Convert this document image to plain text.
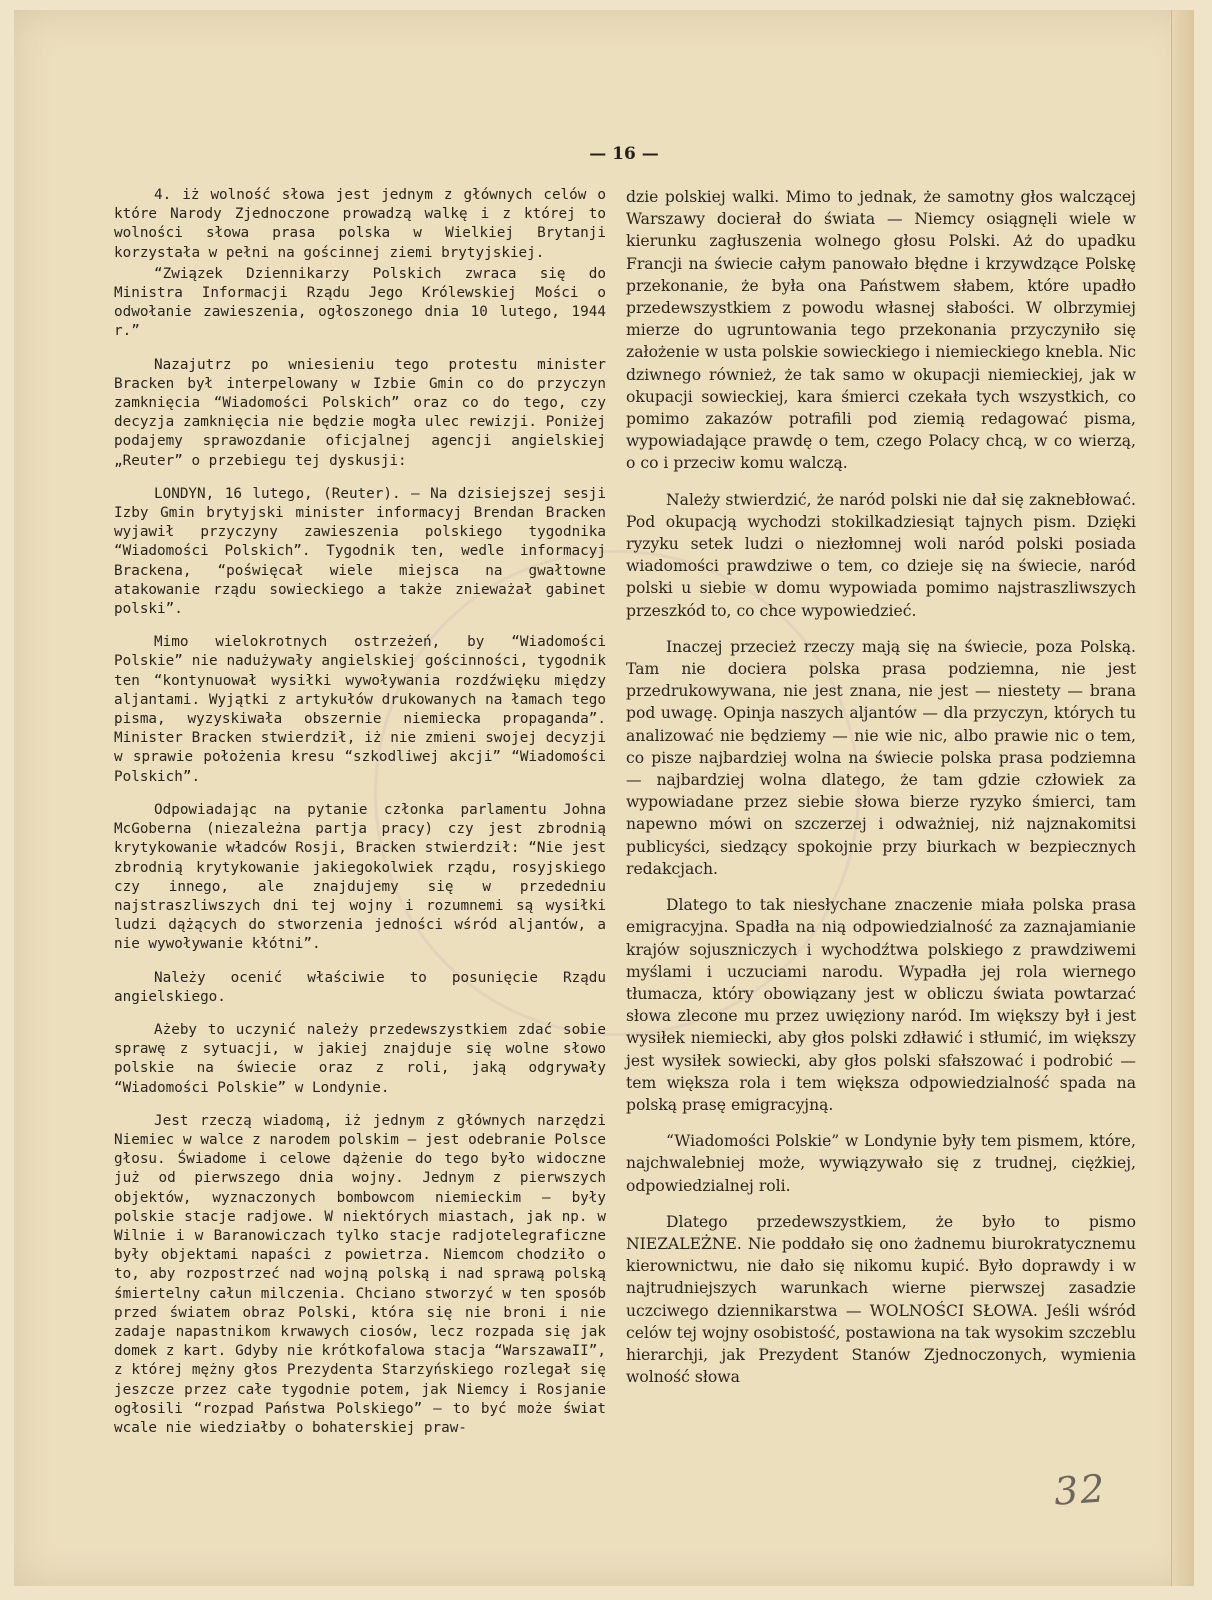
— 16 —

4. iż wolność słowa jest jednym z głównych celów o które Narody Zjednoczone prowadzą walkę i z której to wolności słowa prasa polska w Wielkiej Brytanji korzystała w pełni na gościnnej ziemi brytyjskiej.

“Związek Dziennikarzy Polskich zwraca się do Ministra Informacji Rządu Jego Królewskiej Mości o odwołanie zawieszenia, ogłoszonego dnia 10 lutego, 1944 r.”

Nazajutrz po wniesieniu tego protestu minister Bracken był interpelowany w Izbie Gmin co do przyczyn zamknięcia “Wiadomości Polskich” oraz co do tego, czy decyzja zamknięcia nie będzie mogła ulec rewizji. Poniżej podajemy sprawozdanie oficjalnej agencji angielskiej „Reuter” o przebiegu tej dyskusji:

LONDYN, 16 lutego, (Reuter). — Na dzisiejszej sesji Izby Gmin brytyjski minister informacyj Brendan Bracken wyjawił przyczyny zawieszenia polskiego tygodnika “Wiadomości Polskich”. Tygodnik ten, wedle informacyj Brackena, “poświęcał wiele miejsca na gwałtowne atakowanie rządu sowieckiego a także znieważał gabinet polski”.

Mimo wielokrotnych ostrzeżeń, by “Wiadomości Polskie” nie nadużywały angielskiej gościnności, tygodnik ten “kontynuował wysiłki wywoływania rozdźwięku między aljantami. Wyjątki z artykułów drukowanych na łamach tego pisma, wyzyskiwała obszernie niemiecka propaganda”. Minister Bracken stwierdził, iż nie zmieni swojej decyzji w sprawie położenia kresu “szkodliwej akcji” “Wiadomości Polskich”.

Odpowiadając na pytanie członka parlamentu Johna McGoberna (niezależna partja pracy) czy jest zbrodnią krytykowanie władców Rosji, Bracken stwierdził: “Nie jest zbrodnią krytykowanie jakiegokolwiek rządu, rosyjskiego czy innego, ale znajdujemy się w przededniu najstraszliwszych dni tej wojny i rozumnemi są wysiłki ludzi dążących do stworzenia jedności wśród aljantów, a nie wywoływanie kłótni”.

Należy ocenić właściwie to posunięcie Rządu angielskiego.

Ażeby to uczynić należy przedewszystkiem zdać sobie sprawę z sytuacji, w jakiej znajduje się wolne słowo polskie na świecie oraz z roli, jaką odgrywały “Wiadomości Polskie” w Londynie.

Jest rzeczą wiadomą, iż jednym z głównych narzędzi Niemiec w walce z narodem polskim — jest odebranie Polsce głosu. Świadome i celowe dążenie do tego było widoczne już od pierwszego dnia wojny. Jednym z pierwszych objektów, wyznaczonych bombowcom niemieckim — były polskie stacje radjowe. W niektórych miastach, jak np. w Wilnie i w Baranowiczach tylko stacje radjotelegraficzne były objektami napaści z powietrza. Niemcom chodziło o to, aby rozpostrzeć nad wojną polską i nad sprawą polską śmiertelny całun milczenia. Chciano stworzyć w ten sposób przed światem obraz Polski, która się nie broni i nie zadaje napastnikom krwawych ciosów, lecz rozpada się jak domek z kart. Gdyby nie krótkofalowa stacja “WarszawaII”, z której mężny głos Prezydenta Starzyńskiego rozlegał się jeszcze przez całe tygodnie potem, jak Niemcy i Rosjanie ogłosili “rozpad Państwa Polskiego” — to być może świat wcale nie wiedziałby o bohaterskiej praw-

dzie polskiej walki. Mimo to jednak, że samotny głos walczącej Warszawy docierał do świata — Niemcy osiągnęli wiele w kierunku zagłuszenia wolnego głosu Polski. Aż do upadku Francji na świecie całym panowało błędne i krzywdzące Polskę przekonanie, że była ona Państwem słabem, które upadło przedewszystkiem z powodu własnej słabości. W olbrzymiej mierze do ugruntowania tego przekonania przyczyniło się założenie w usta polskie sowieckiego i niemieckiego knebla. Nic dziwnego również, że tak samo w okupacji niemieckiej, jak w okupacji sowieckiej, kara śmierci czekała tych wszystkich, co pomimo zakazów potrafili pod ziemią redagować pisma, wypowiadające prawdę o tem, czego Polacy chcą, w co wierzą, o co i przeciw komu walczą.

Należy stwierdzić, że naród polski nie dał się zaknebłować. Pod okupacją wychodzi stokilkadziesiąt tajnych pism. Dzięki ryzyku setek ludzi o niezłomnej woli naród polski posiada wiadomości prawdziwe o tem, co dzieje się na świecie, naród polski u siebie w domu wypowiada pomimo najstraszliwszych przeszkód to, co chce wypowiedzieć.

Inaczej przecież rzeczy mają się na świecie, poza Polską. Tam nie dociera polska prasa podziemna, nie jest przedrukowywana, nie jest znana, nie jest — niestety — brana pod uwagę. Opinja naszych aljantów — dla przyczyn, których tu analizować nie będziemy — nie wie nic, albo prawie nic o tem, co pisze najbardziej wolna na świecie polska prasa podziemna — najbardziej wolna dlatego, że tam gdzie człowiek za wypowiadane przez siebie słowa bierze ryzyko śmierci, tam napewno mówi on szczerzej i odważniej, niż najznakomitsi publicyści, siedzący spokojnie przy biurkach w bezpiecznych redakcjach.

Dlatego to tak niesłychane znaczenie miała polska prasa emigracyjna. Spadła na nią odpowiedzialność za zaznajamianie krajów sojuszniczych i wychodźtwa polskiego z prawdziwemi myślami i uczuciami narodu. Wypadła jej rola wiernego tłumacza, który obowiązany jest w obliczu świata powtarzać słowa zlecone mu przez uwięziony naród. Im większy był i jest wysiłek niemiecki, aby głos polski zdławić i stłumić, im większy jest wysiłek sowiecki, aby głos polski sfałszować i podrobić — tem większa rola i tem większa odpowiedzialność spada na polską prasę emigracyjną.

“Wiadomości Polskie” w Londynie były tem pismem, które, najchwalebniej może, wywiązywało się z trudnej, ciężkiej, odpowiedzialnej roli.

Dlatego przedewszystkiem, że było to pismo NIEZALEŻNE. Nie poddało się ono żadnemu biurokratycznemu kierownictwu, nie dało się nikomu kupić. Było doprawdy i w najtrudniejszych warunkach wierne pierwszej zasadzie uczciwego dziennikarstwa — WOLNOŚCI SŁOWA. Jeśli wśród celów tej wojny osobistość, postawiona na tak wysokim szczeblu hierarchji, jak Prezydent Stanów Zjednoczonych, wymienia wolność słowa

32
